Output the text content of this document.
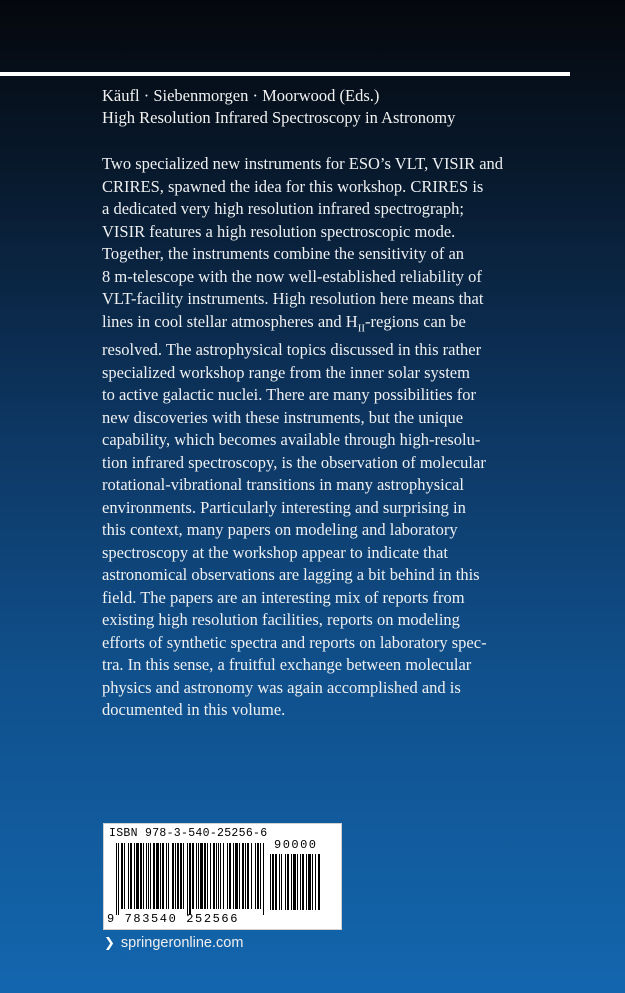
Käufl · Siebenmorgen · Moorwood (Eds.)
High Resolution Infrared Spectroscopy in Astronomy
Two specialized new instruments for ESO’s VLT, VISIR and
CRIRES, spawned the idea for this workshop. CRIRES is
a dedicated very high resolution infrared spectrograph;
VISIR features a high resolution spectroscopic mode.
Together, the instruments combine the sensitivity of an
8 m-telescope with the now well-established reliability of
VLT-facility instruments. High resolution here means that
lines in cool stellar atmospheres and $H_{II}$-regions can be
resolved. The astrophysical topics discussed in this rather
specialized workshop range from the inner solar system
to active galactic nuclei. There are many possibilities for
new discoveries with these instruments, but the unique
capability, which becomes available through high-resolu-
tion infrared spectroscopy, is the observation of molecular
rotational-vibrational transitions in many astrophysical
environments. Particularly interesting and surprising in
this context, many papers on modeling and laboratory
spectroscopy at the workshop appear to indicate that
astronomical observations are lagging a bit behind in this
field. The papers are an interesting mix of reports from
existing high resolution facilities, reports on modeling
efforts of synthetic spectra and reports on laboratory spec-
tra. In this sense, a fruitful exchange between molecular
physics and astronomy was again accomplished and is
documented in this volume.
ISBN 978-3-540-25256-6
90000
9 783540 252566
❯ springeronline.com
